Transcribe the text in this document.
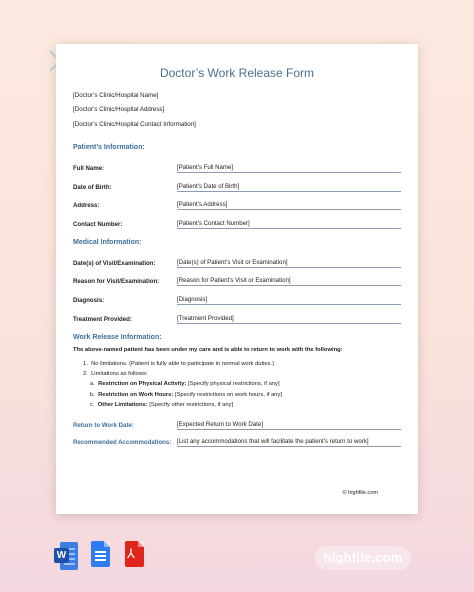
Doctor’s Work Release Form
[Doctor’s Clinic/Hospital Name]
[Doctor’s Clinic/Hospital Address]
[Doctor’s Clinic/Hospital Contact Information]
Patient’s Information:
Full Name:	[Patient’s Full Name]
Date of Birth:	[Patient’s Date of Birth]
Address:	[Patient’s Address]
Contact Number:	[Patient’s Contact Number]
Medical Information:
Date(s) of Visit/Examination:	[Date(s) of Patient’s Visit or Examination]
Reason for Visit/Examination:	[Reason for Patient’s Visit or Examination]
Diagnosis:	[Diagnosis]
Treatment Provided:	[Treatment Provided]
Work Release Information:
The above-named patient has been under my care and is able to return to work with the following:
1. No limitations. (Patient is fully able to participate in normal work duties.)
2. Limitations as follows:
a. Restriction on Physical Activity: [Specify physical restrictions, if any]
b. Restriction on Work Hours: [Specify restrictions on work hours, if any]
c. Other Limitations: [Specify other restrictions, if any]
Return to Work Date:	[Expected Return to Work Date]
Recommended Accommodations: [List any accommodations that will facilitate the patient’s return to work]
© highfile.com
W	⅄	highfile.com
